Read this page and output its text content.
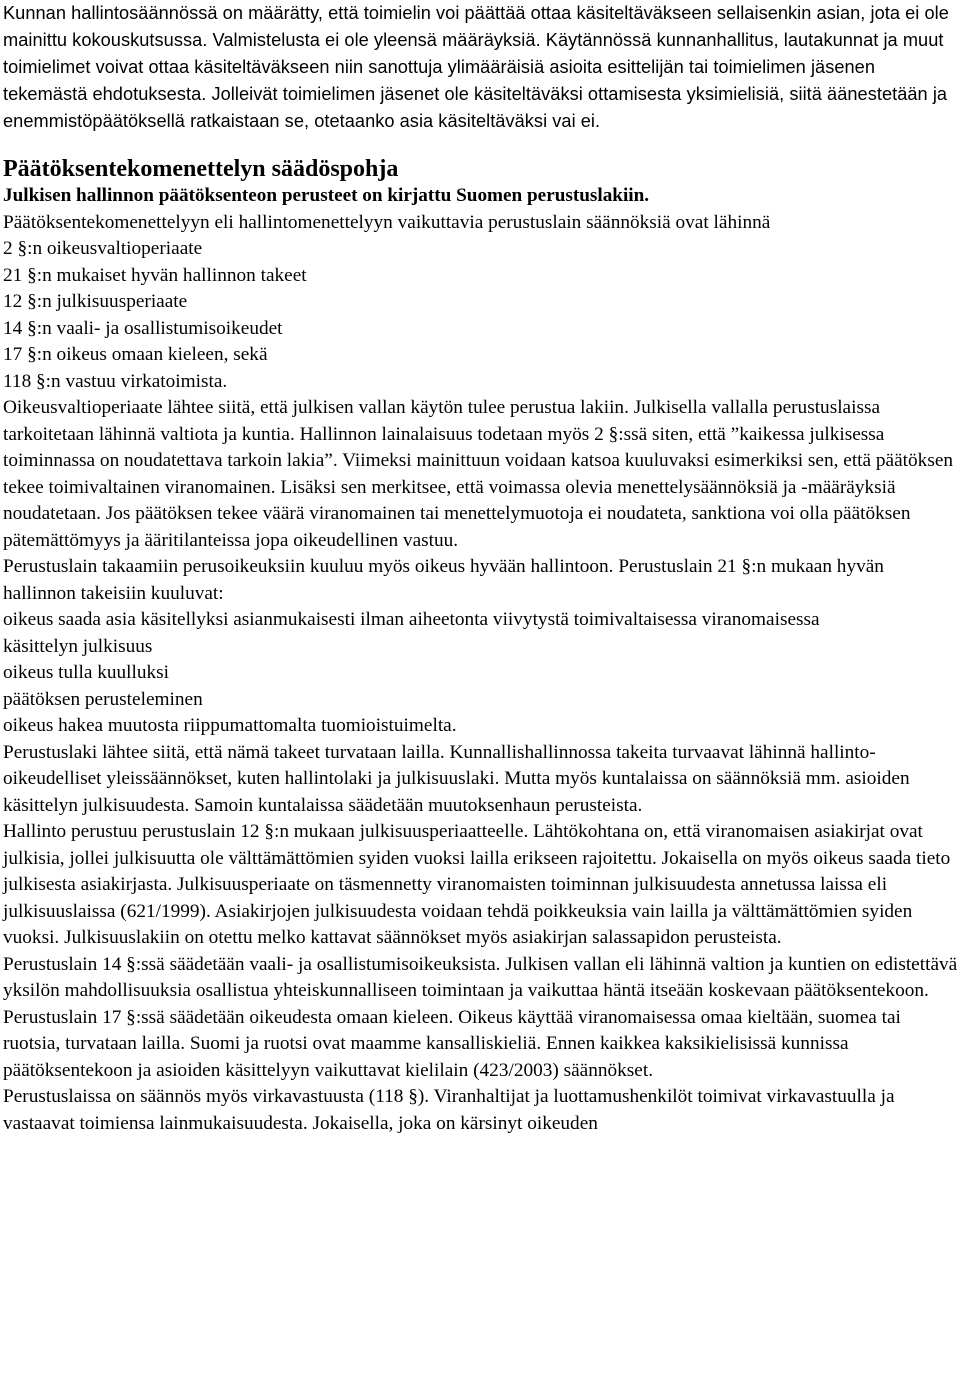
Kunnan hallintosäännössä on määrätty, että toimielin voi päättää ottaa käsiteltäväkseen sellaisenkin asian, jota ei ole mainittu kokouskutsussa. Valmistelusta ei ole yleensä määräyksiä. Käytännössä kunnanhallitus, lautakunnat ja muut toimielimet voivat ottaa käsiteltäväkseen niin sanottuja ylimääräisiä asioita esittelijän tai toimielimen jäsenen tekemästä ehdotuksesta. Jolleivät toimielimen jäsenet ole käsiteltäväksi ottamisesta yksimielisiä, siitä äänestetään ja enemmistöpäätöksellä ratkaistaan se, otetaanko asia käsiteltäväksi vai ei.

Päätöksentekomenettelyn säädöspohja

Julkisen hallinnon päätöksenteon perusteet on kirjattu Suomen perustuslakiin.

Päätöksentekomenettelyyn eli hallintomenettelyyn vaikuttavia perustuslain säännöksiä ovat lähinnä

2 §:n oikeusvaltioperiaate
21 §:n mukaiset hyvän hallinnon takeet
12 §:n julkisuusperiaate
14 §:n vaali- ja osallistumisoikeudet
17 §:n oikeus omaan kieleen, sekä
118 §:n vastuu virkatoimista.

Oikeusvaltioperiaate lähtee siitä, että julkisen vallan käytön tulee perustua lakiin. Julkisella vallalla perustuslaissa tarkoitetaan lähinnä valtiota ja kuntia. Hallinnon lainalaisuus todetaan myös 2 §:ssä siten, että ”kaikessa julkisessa toiminnassa on noudatettava tarkoin lakia”. Viimeksi mainittuun voidaan katsoa kuuluvaksi esimerkiksi sen, että päätöksen tekee toimivaltainen viranomainen. Lisäksi sen merkitsee, että voimassa olevia menettelysäännöksiä ja -määräyksiä noudatetaan. Jos päätöksen tekee väärä viranomainen tai menettelymuotoja ei noudateta, sanktiona voi olla päätöksen pätemättömyys ja ääritilanteissa jopa oikeudellinen vastuu.

Perustuslain takaamiin perusoikeuksiin kuuluu myös oikeus hyvään hallintoon. Perustuslain 21 §:n mukaan hyvän hallinnon takeisiin kuuluvat:

oikeus saada asia käsitellyksi asianmukaisesti ilman aiheetonta viivytystä toimivaltaisessa viranomaisessa
käsittelyn julkisuus
oikeus tulla kuulluksi
päätöksen perusteleminen
oikeus hakea muutosta riippumattomalta tuomioistuimelta.

Perustuslaki lähtee siitä, että nämä takeet turvataan lailla. Kunnallishallinnossa takeita turvaavat lähinnä hallinto-oikeudelliset yleissäännökset, kuten hallintolaki ja julkisuuslaki. Mutta myös kuntalaissa on säännöksiä mm. asioiden käsittelyn julkisuudesta. Samoin kuntalaissa säädetään muutoksenhaun perusteista.

Hallinto perustuu perustuslain 12 §:n mukaan julkisuusperiaatteelle. Lähtökohtana on, että viranomaisen asiakirjat ovat julkisia, jollei julkisuutta ole välttämättömien syiden vuoksi lailla erikseen rajoitettu. Jokaisella on myös oikeus saada tieto julkisesta asiakirjasta. Julkisuusperiaate on täsmennetty viranomaisten toiminnan julkisuudesta annetussa laissa eli julkisuuslaissa (621/1999). Asiakirjojen julkisuudesta voidaan tehdä poikkeuksia vain lailla ja välttämättömien syiden vuoksi. Julkisuuslakiin on otettu melko kattavat säännökset myös asiakirjan salassapidon perusteista.

Perustuslain 14 §:ssä säädetään vaali- ja osallistumisoikeuksista. Julkisen vallan eli lähinnä valtion ja kuntien on edistettävä yksilön mahdollisuuksia osallistua yhteiskunnalliseen toimintaan ja vaikuttaa häntä itseään koskevaan päätöksentekoon.

Perustuslain 17 §:ssä säädetään oikeudesta omaan kieleen. Oikeus käyttää viranomaisessa omaa kieltään, suomea tai ruotsia, turvataan lailla. Suomi ja ruotsi ovat maamme kansalliskieliä. Ennen kaikkea kaksikielisissä kunnissa päätöksentekoon ja asioiden käsittelyyn vaikuttavat kielilain (423/2003) säännökset.

Perustuslaissa on säännös myös virkavastuusta (118 §). Viranhaltijat ja luottamushenkilöt toimivat virkavastuulla ja vastaavat toimiensa lainmukaisuudesta. Jokaisella, joka on kärsinyt oikeuden
